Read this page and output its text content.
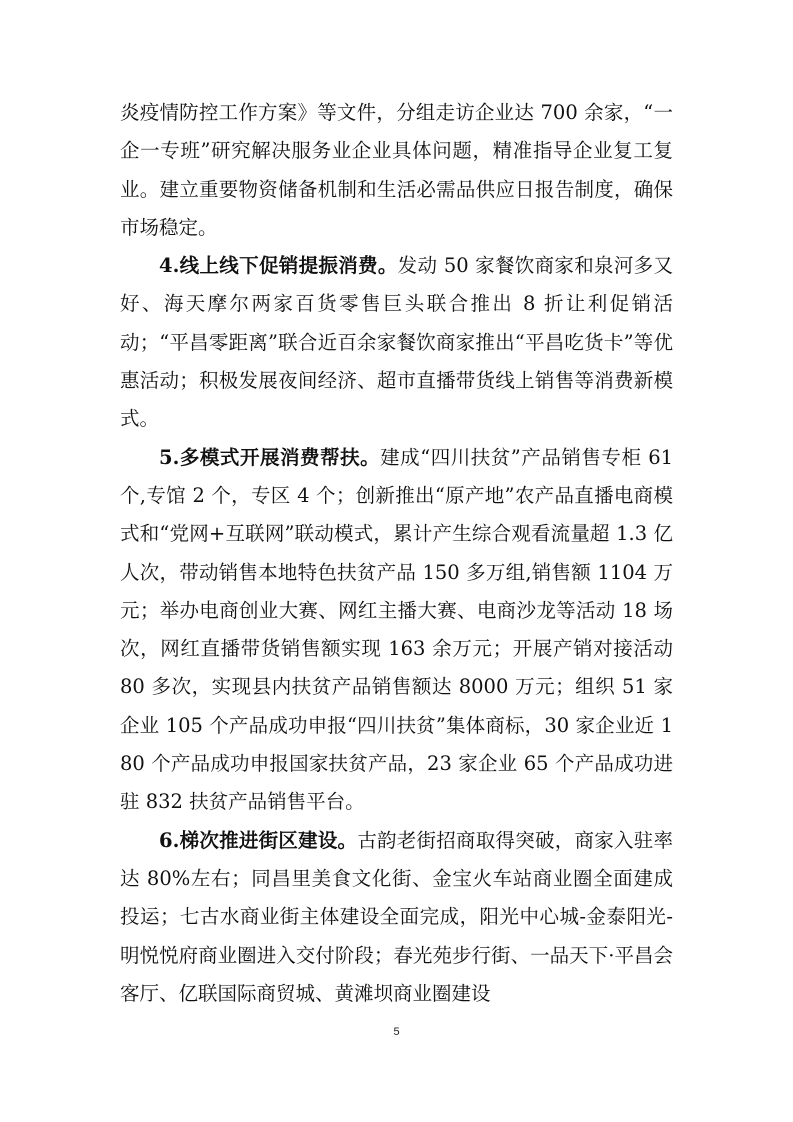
炎疫情防控工作方案》等文件，分组走访企业达 700 余家，“一企一专班”研究解决服务业企业具体问题，精准指导企业复工复业。建立重要物资储备机制和生活必需品供应日报告制度，确保市场稳定。

4.线上线下促销提振消费。发动 50 家餐饮商家和泉河多又好、海天摩尔两家百货零售巨头联合推出 8 折让利促销活动；“平昌零距离”联合近百余家餐饮商家推出“平昌吃货卡”等优惠活动；积极发展夜间经济、超市直播带货线上销售等消费新模式。

5.多模式开展消费帮扶。建成“四川扶贫”产品销售专柜 61 个,专馆 2 个，专区 4 个；创新推出“原产地”农产品直播电商模式和“党网+互联网”联动模式，累计产生综合观看流量超 1.3 亿人次，带动销售本地特色扶贫产品 150 多万组,销售额 1104 万元；举办电商创业大赛、网红主播大赛、电商沙龙等活动 18 场次，网红直播带货销售额实现 163 余万元；开展产销对接活动 80 多次，实现县内扶贫产品销售额达 8000 万元；组织 51 家企业 105 个产品成功申报“四川扶贫”集体商标，30 家企业近 180 个产品成功申报国家扶贫产品，23 家企业 65 个产品成功进驻 832 扶贫产品销售平台。

6.梯次推进街区建设。古韵老街招商取得突破，商家入驻率达 80%左右；同昌里美食文化街、金宝火车站商业圈全面建成投运；七古水商业街主体建设全面完成，阳光中心城-金泰阳光-明悦悦府商业圈进入交付阶段；春光苑步行街、一品天下·平昌会客厅、亿联国际商贸城、黄滩坝商业圈建设

5
